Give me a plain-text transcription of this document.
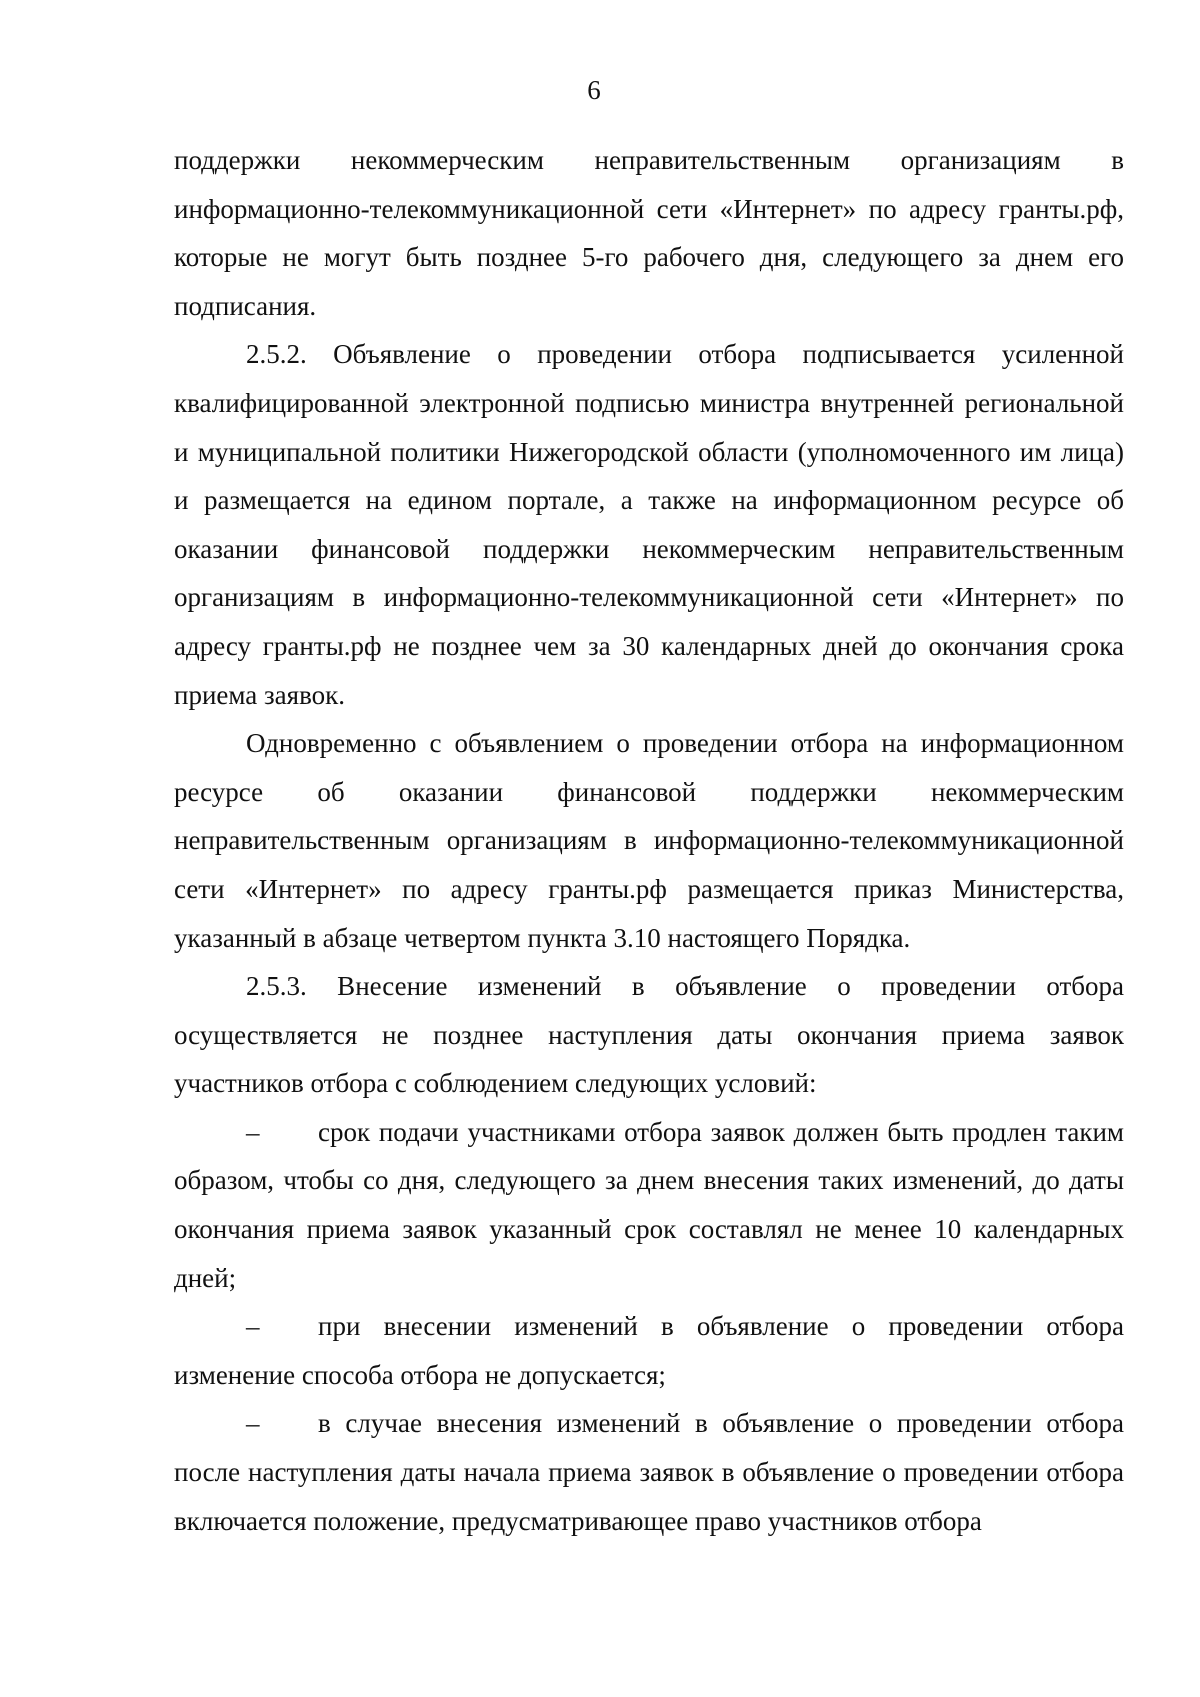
6

поддержки некоммерческим неправительственным организациям в информационно-телекоммуникационной сети «Интернет» по адресу гранты.рф, которые не могут быть позднее 5-го рабочего дня, следующего за днем его подписания.

2.5.2. Объявление о проведении отбора подписывается усиленной квалифицированной электронной подписью министра внутренней региональной и муниципальной политики Нижегородской области (уполномоченного им лица) и размещается на едином портале, а также на информационном ресурсе об оказании финансовой поддержки некоммерческим неправительственным организациям в информационно-телекоммуникационной сети «Интернет» по адресу гранты.рф не позднее чем за 30 календарных дней до окончания срока приема заявок.

Одновременно с объявлением о проведении отбора на информационном ресурсе об оказании финансовой поддержки некоммерческим неправительственным организациям в информационно-телекоммуникационной сети «Интернет» по адресу гранты.рф размещается приказ Министерства, указанный в абзаце четвертом пункта 3.10 настоящего Порядка.

2.5.3. Внесение изменений в объявление о проведении отбора осуществляется не позднее наступления даты окончания приема заявок участников отбора с соблюдением следующих условий:

– срок подачи участниками отбора заявок должен быть продлен таким образом, чтобы со дня, следующего за днем внесения таких изменений, до даты окончания приема заявок указанный срок составлял не менее 10 календарных дней;

– при внесении изменений в объявление о проведении отбора изменение способа отбора не допускается;

– в случае внесения изменений в объявление о проведении отбора после наступления даты начала приема заявок в объявление о проведении отбора включается положение, предусматривающее право участников отбора
